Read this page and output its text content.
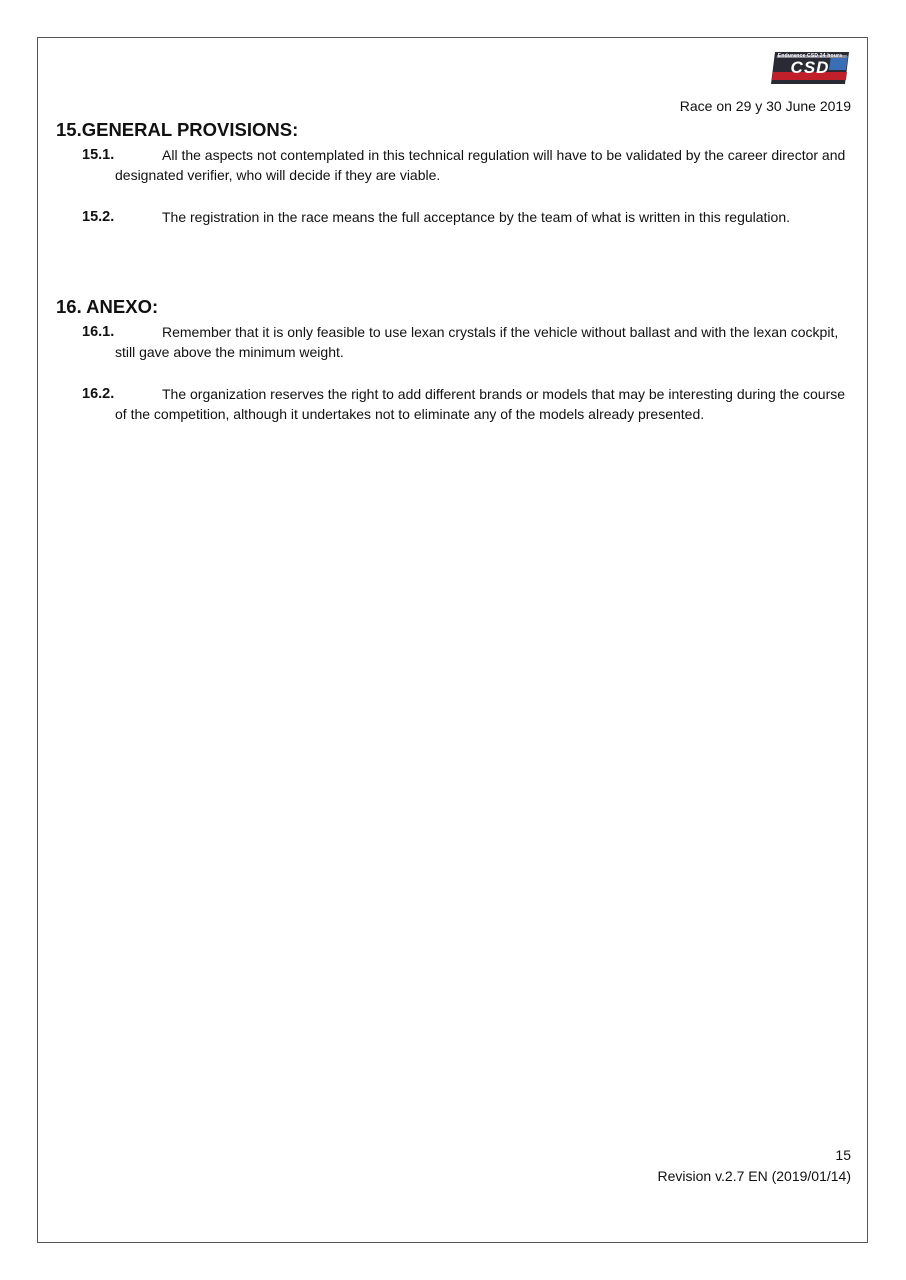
Endurance CSD 24 hours
CSD
Race on 29 y 30 June 2019
15.GENERAL PROVISIONS:
15.1.	All the aspects not contemplated in this technical regulation will have to be validated by the career director and designated verifier, who will decide if they are viable.
15.2.	The registration in the race means the full acceptance by the team of what is written in this regulation.
16. ANEXO:
16.1.	Remember that it is only feasible to use lexan crystals if the vehicle without ballast and with the lexan cockpit, still gave above the minimum weight.
16.2.	The organization reserves the right to add different brands or models that may be interesting during the course of the competition, although it undertakes not to eliminate any of the models already presented.
15
Revision v.2.7 EN (2019/01/14)
